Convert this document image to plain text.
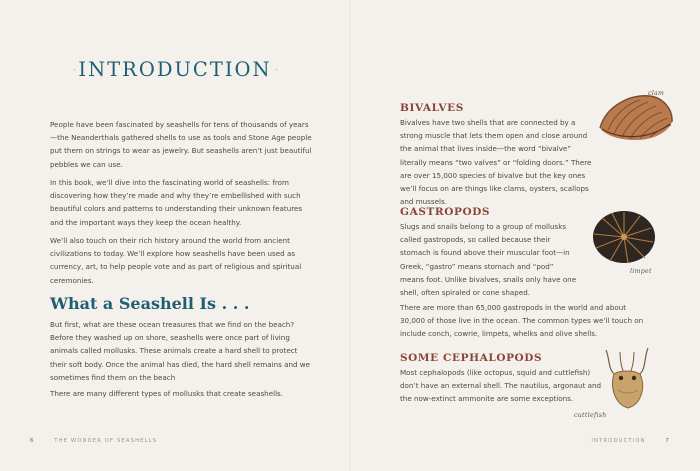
INTRODUCTION

People have been fascinated by seashells for tens of thousands of years—the Neanderthals gathered shells to use as tools and Stone Age people put them on strings to wear as jewelry. But seashells aren’t just beautiful pebbles we can use.

In this book, we’ll dive into the fascinating world of seashells: from discovering how they’re made and why they’re embellished with such beautiful colors and patterns to understanding their unknown features and the important ways they keep the ocean healthy.

We’ll also touch on their rich history around the world from ancient civilizations to today. We’ll explore how seashells have been used as currency, art, to help people vote and as part of religious and spiritual ceremonies.

What a Seashell Is . . .

But first, what are these ocean treasures that we find on the beach? Before they washed up on shore, seashells were once part of living animals called mollusks. These animals create a hard shell to protect their soft body. Once the animal has died, the hard shell remains and we sometimes find them on the beach

There are many different types of mollusks that create seashells.

6	THE WONDER OF SEASHELLS
BIVALVES

Bivalves have two shells that are connected by a strong muscle that lets them open and close around the animal that lives inside—the word “bivalve” literally means “two valves” or “folding doors.” There are over 15,000 species of bivalve but the key ones we’ll focus on are things like clams, oysters, scallops and mussels.

clam
GASTROPODS

Slugs and snails belong to a group of mollusks called gastropods, so called because their stomach is found above their muscular foot—in Greek, “gastro” means stomach and “pod” means foot. Unlike bivalves, snails only have one shell, often spiraled or cone shaped.

limpet

There are more than 65,000 gastropods in the world and about 30,000 of those live in the ocean. The common types we’ll touch on include conch, cowrie, limpets, whelks and olive shells.

SOME CEPHALOPODS

Most cephalopods (like octopus, squid and cuttlefish) don’t have an external shell. The nautilus, argonaut and the now-extinct ammonite are some exceptions.

cuttlefish
INTRODUCTION	7
